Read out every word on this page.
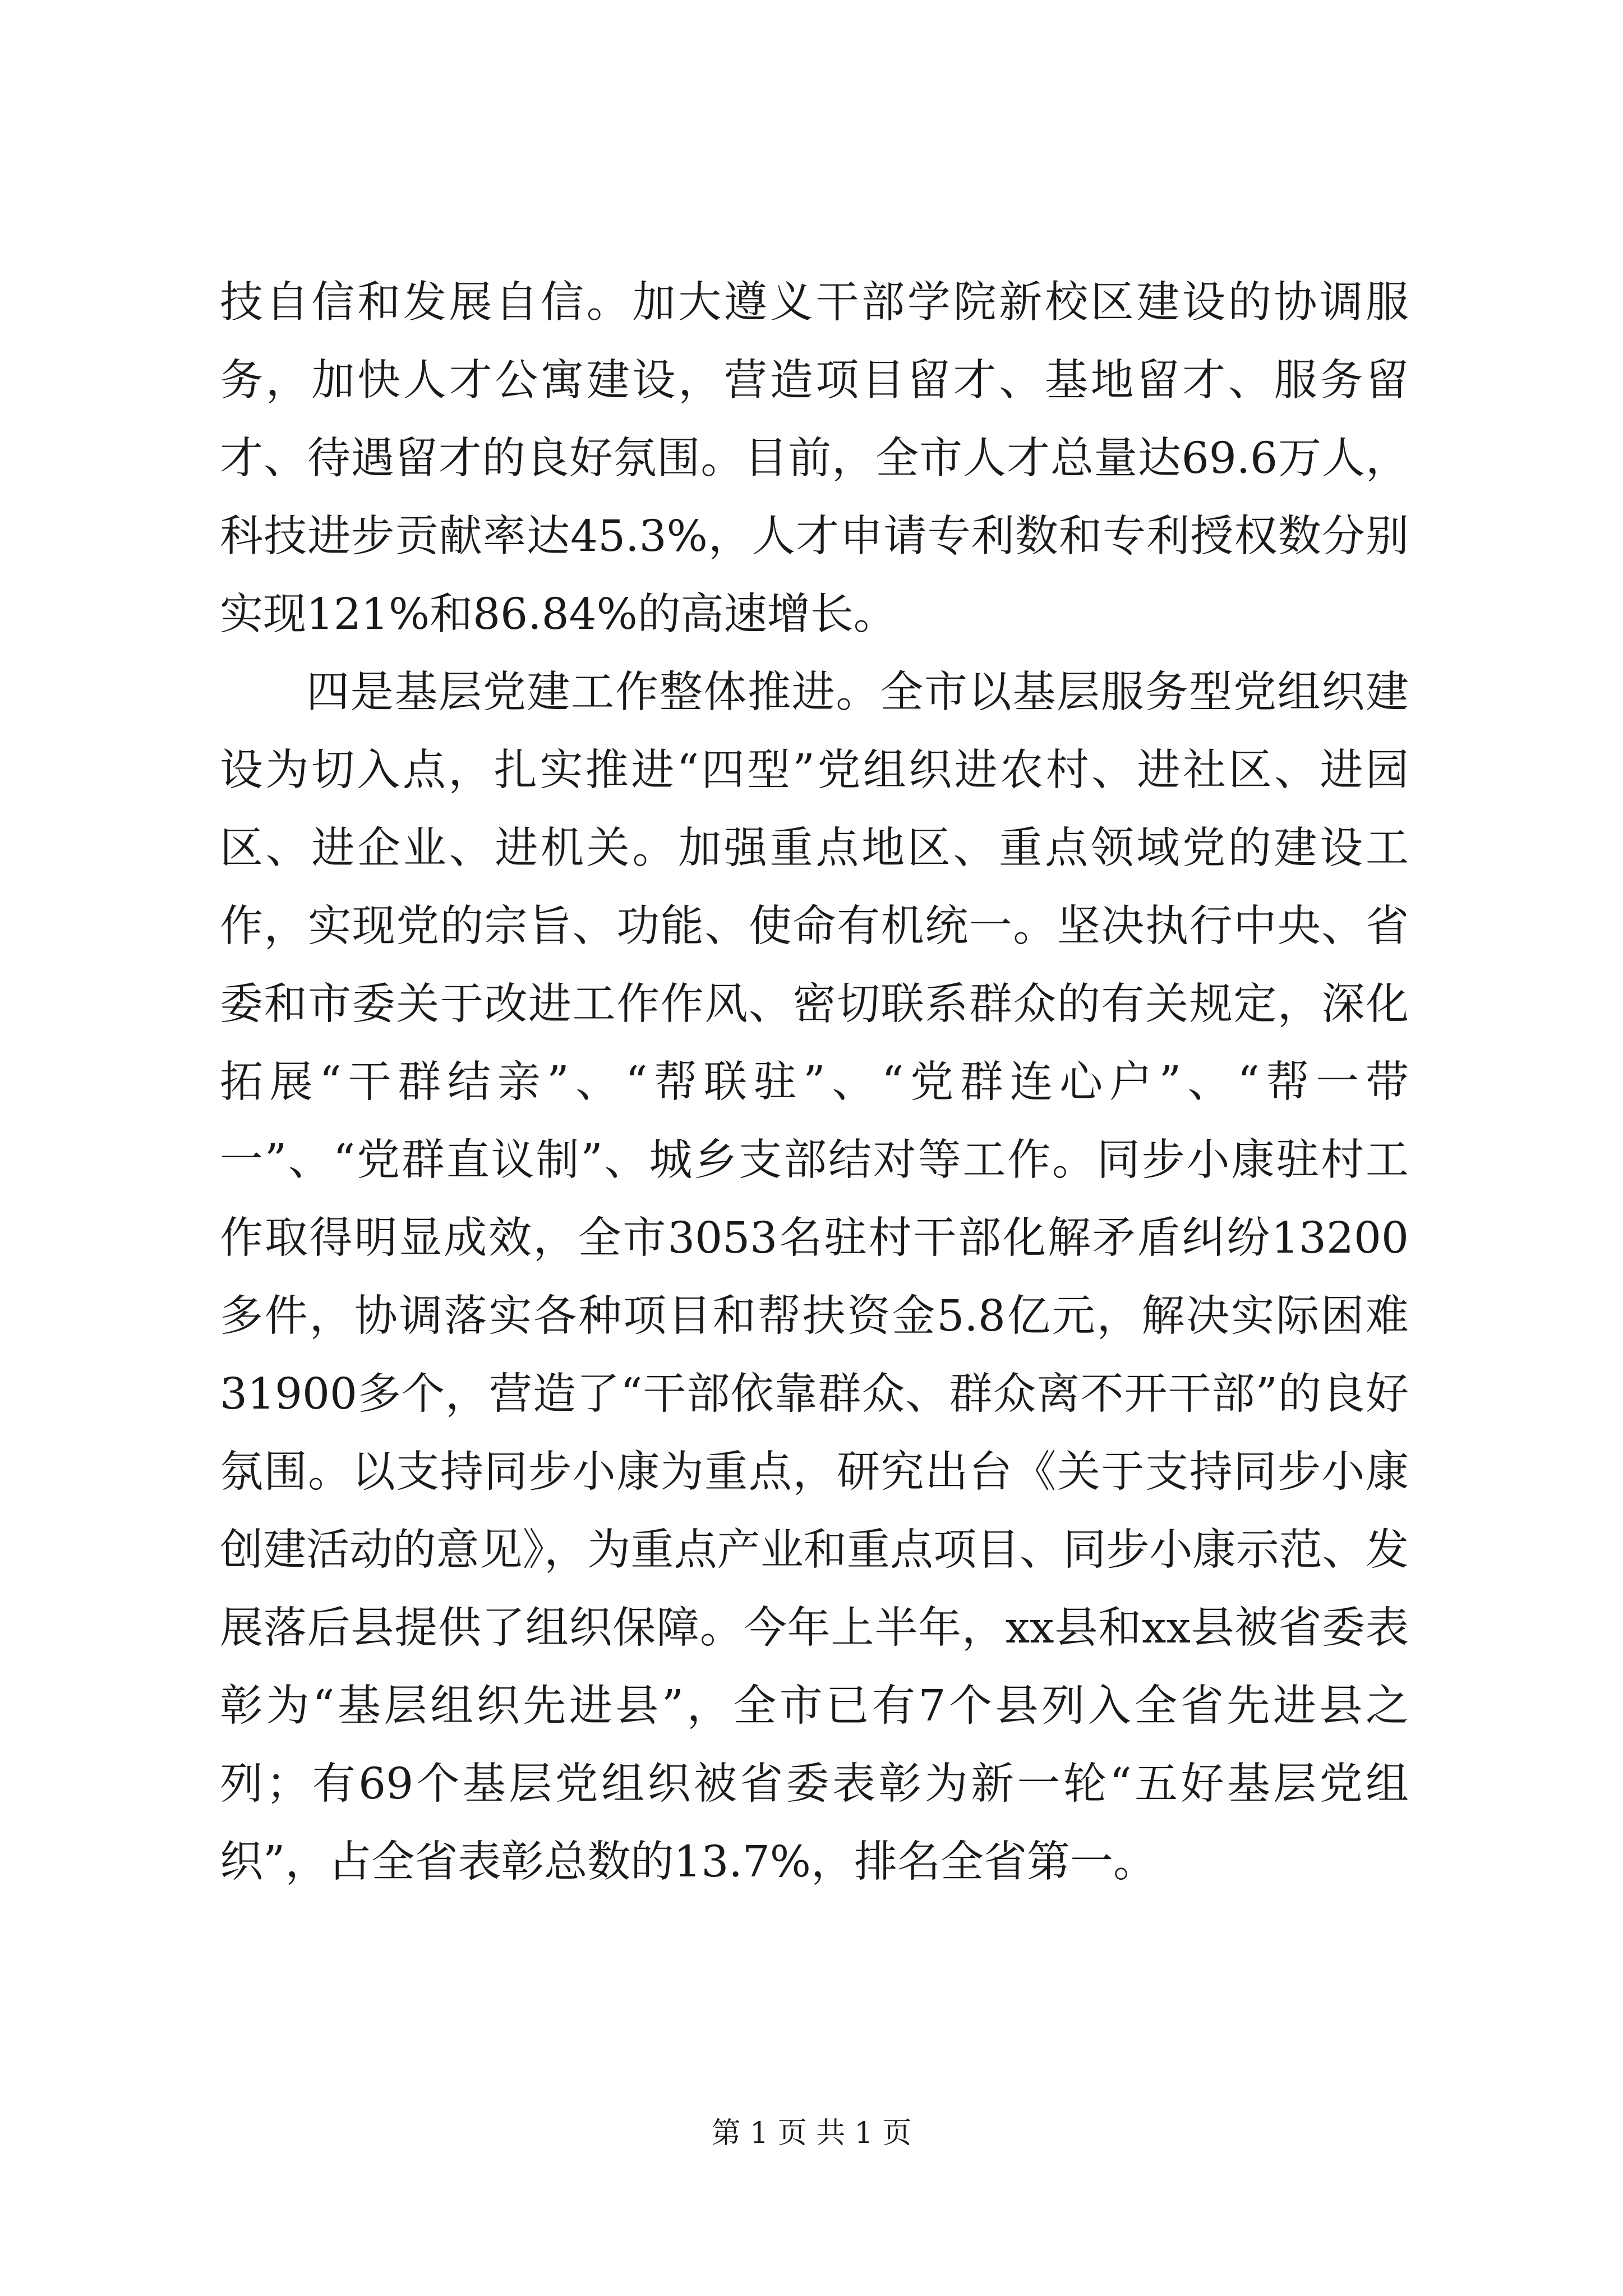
技自信和发展自信。加大遵义干部学院新校区建设的协调服务，加快人才公寓建设，营造项目留才、基地留才、服务留才、待遇留才的良好氛围。目前，全市人才总量达69.6万人，科技进步贡献率达45.3%，人才申请专利数和专利授权数分别实现121%和86.84%的高速增长。

四是基层党建工作整体推进。全市以基层服务型党组织建设为切入点，扎实推进“四型”党组织进农村、进社区、进园区、进企业、进机关。加强重点地区、重点领域党的建设工作，实现党的宗旨、功能、使命有机统一。坚决执行中央、省委和市委关于改进工作作风、密切联系群众的有关规定，深化拓展“干群结亲”、“帮联驻”、“党群连心户”、“帮一带一”、“党群直议制”、城乡支部结对等工作。同步小康驻村工作取得明显成效，全市3053名驻村干部化解矛盾纠纷13200多件，协调落实各种项目和帮扶资金5.8亿元，解决实际困难31900多个，营造了“干部依靠群众、群众离不开干部”的良好氛围。以支持同步小康为重点，研究出台《关于支持同步小康创建活动的意见》，为重点产业和重点项目、同步小康示范、发展落后县提供了组织保障。今年上半年，xx县和xx县被省委表彰为“基层组织先进县”，全市已有7个县列入全省先进县之列；有69个基层党组织被省委表彰为新一轮“五好基层党组织”，占全省表彰总数的13.7%，排名全省第一。

第 1 页 共 1 页
